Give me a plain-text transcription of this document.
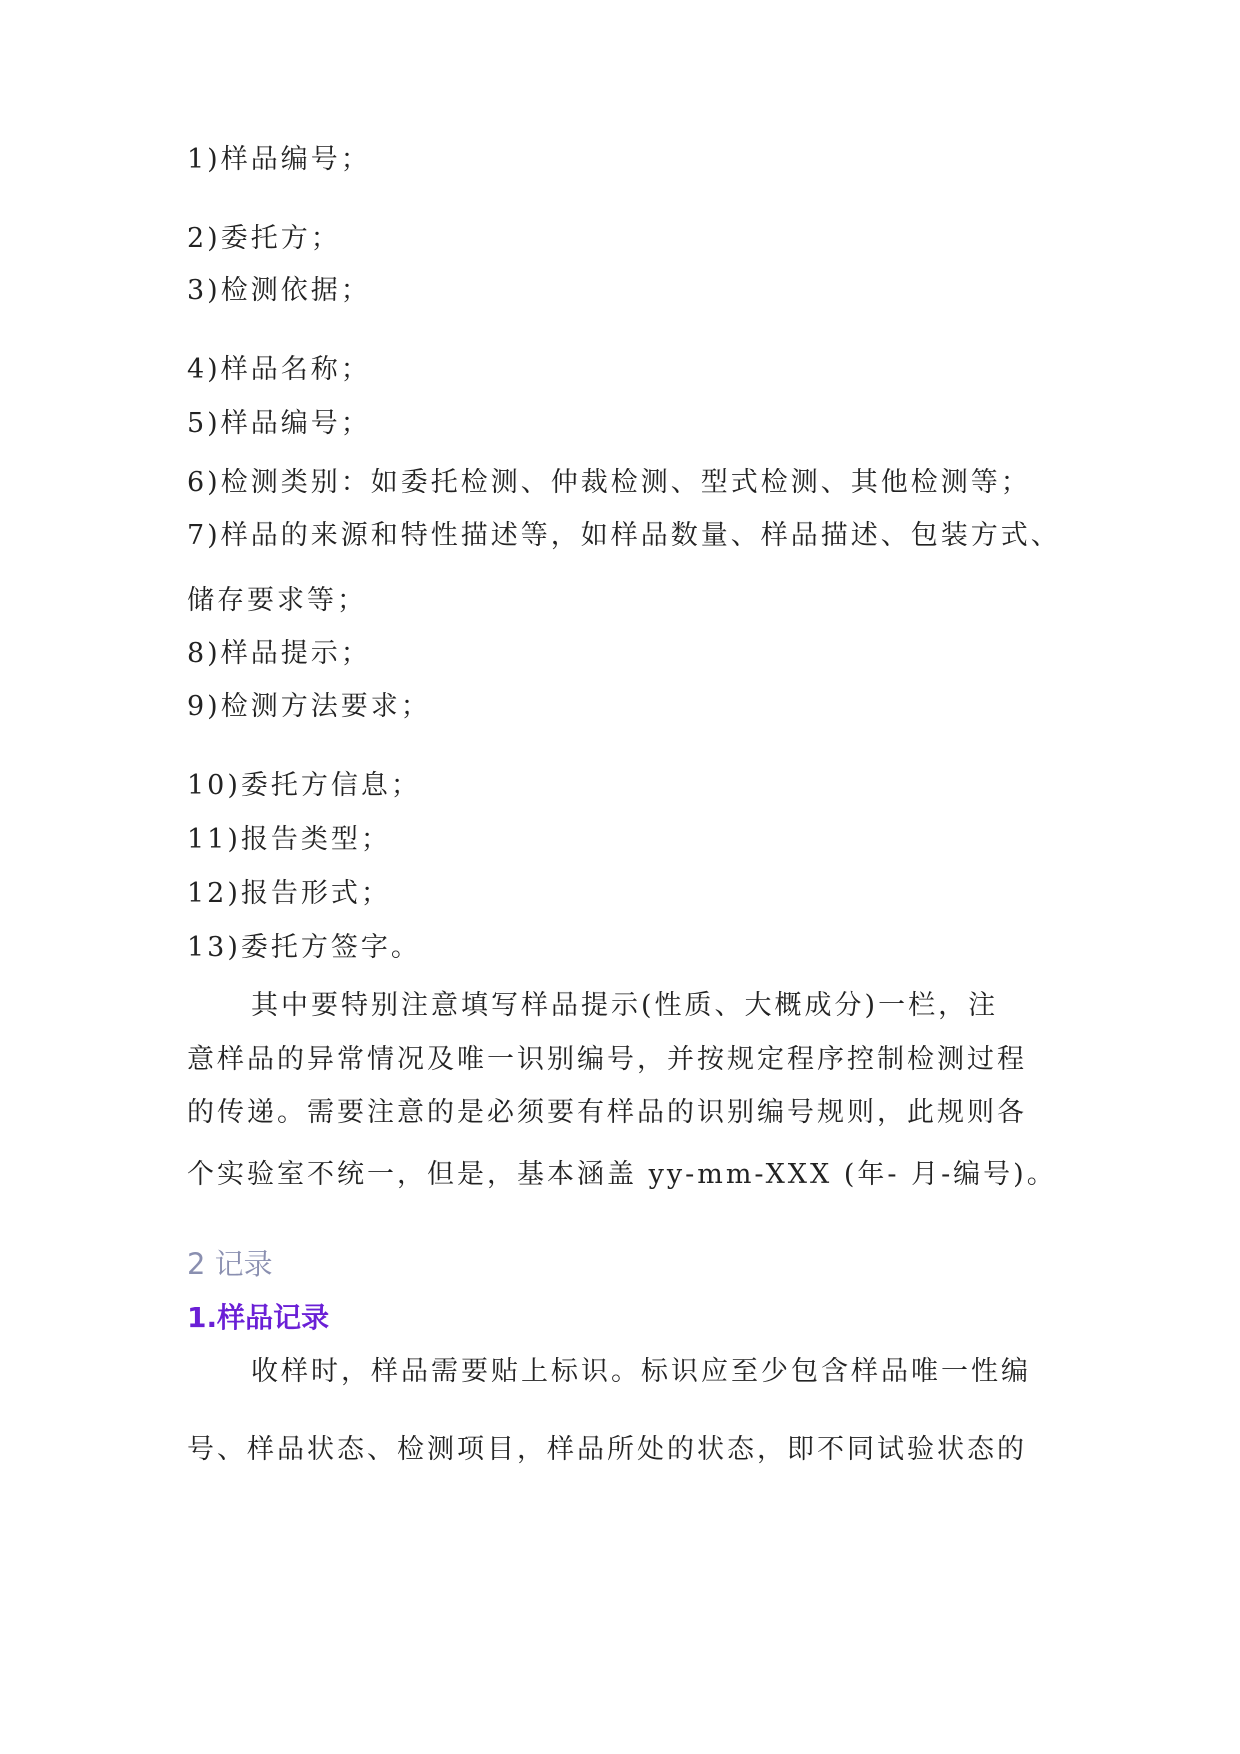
1)样品编号；
2)委托方；
3)检测依据；
4)样品名称；
5)样品编号；
6)检测类别：如委托检测、仲裁检测、型式检测、其他检测等；
7)样品的来源和特性描述等，如样品数量、样品描述、包装方式、
储存要求等；
8)样品提示；
9)检测方法要求；
10)委托方信息；
11)报告类型；
12)报告形式；
13)委托方签字。
其中要特别注意填写样品提示(性质、大概成分)一栏，注
意样品的异常情况及唯一识别编号，并按规定程序控制检测过程
的传递。需要注意的是必须要有样品的识别编号规则，此规则各
个实验室不统一，但是，基本涵盖 yy-mm-XXX (年- 月-编号)。
2 记录
1.样品记录
收样时，样品需要贴上标识。标识应至少包含样品唯一性编
号、样品状态、检测项目，样品所处的状态，即不同试验状态的
